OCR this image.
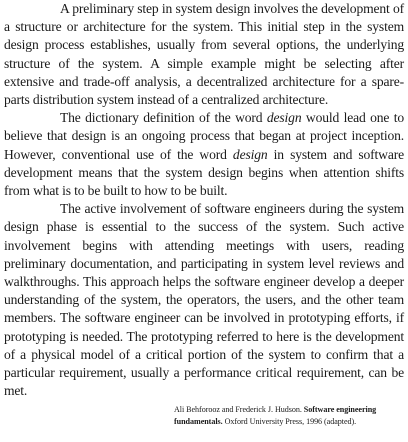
A preliminary step in system design involves the development of a structure or architecture for the system. This initial step in the system design process establishes, usually from several options, the underlying structure of the system. A simple example might be selecting after extensive and trade-off analysis, a decentralized architecture for a spare-parts distribution system instead of a centralized architecture.

The dictionary definition of the word design would lead one to believe that design is an ongoing process that began at project inception. However, conventional use of the word design in system and software development means that the system design begins when attention shifts from what is to be built to how to be built.

The active involvement of software engineers during the system design phase is essential to the success of the system. Such active involvement begins with attending meetings with users, reading preliminary documentation, and participating in system level reviews and walkthroughs. This approach helps the software engineer develop a deeper understanding of the system, the operators, the users, and the other team members. The software engineer can be involved in prototyping efforts, if prototyping is needed. The prototyping referred to here is the development of a physical model of a critical portion of the system to confirm that a particular requirement, usually a performance critical requirement, can be met.

Ali Behforooz and Frederick J. Hudson. Software engineering fundamentals. Oxford University Press, 1996 (adapted).
